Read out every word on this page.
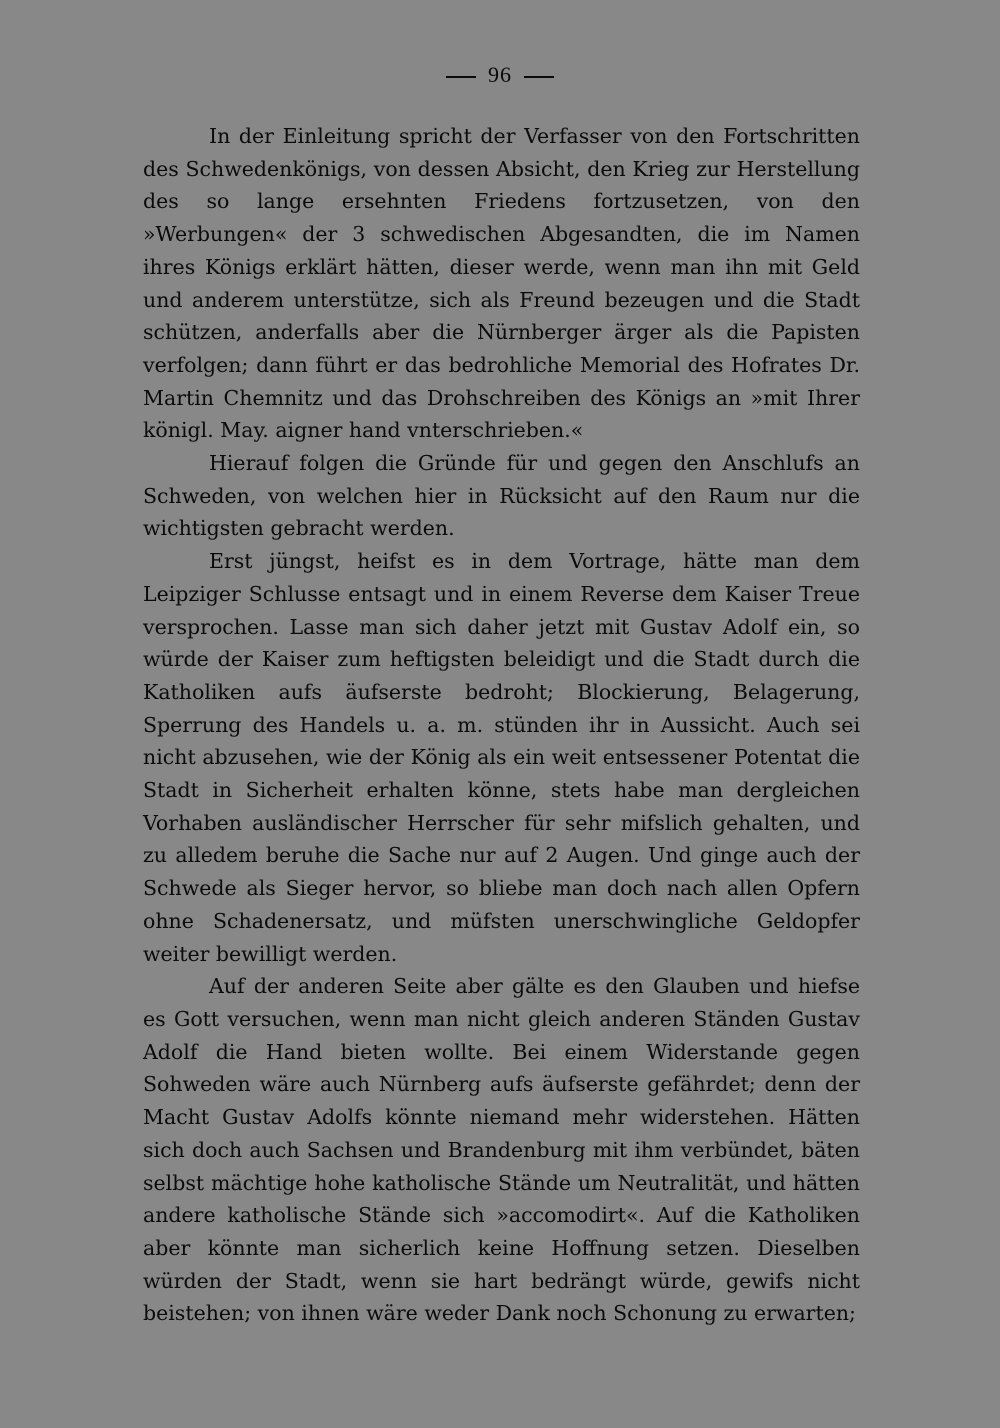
96

In der Einleitung spricht der Verfasser von den Fortschritten des Schwedenkönigs, von dessen Absicht, den Krieg zur Herstellung des so lange ersehnten Friedens fortzusetzen, von den »Werbungen« der 3 schwedischen Abgesandten, die im Namen ihres Königs erklärt hätten, dieser werde, wenn man ihn mit Geld und anderem unterstütze, sich als Freund bezeugen und die Stadt schützen, anderfalls aber die Nürnberger ärger als die Papisten verfolgen; dann führt er das bedrohliche Memorial des Hofrates Dr. Martin Chemnitz und das Drohschreiben des Königs an »mit Ihrer königl. May. aigner hand vnterschrieben.«

Hierauf folgen die Gründe für und gegen den Anschlufs an Schweden, von welchen hier in Rücksicht auf den Raum nur die wichtigsten gebracht werden.

Erst jüngst, heifst es in dem Vortrage, hätte man dem Leipziger Schlusse entsagt und in einem Reverse dem Kaiser Treue versprochen. Lasse man sich daher jetzt mit Gustav Adolf ein, so würde der Kaiser zum heftigsten beleidigt und die Stadt durch die Katholiken aufs äufserste bedroht; Blockierung, Belagerung, Sperrung des Handels u. a. m. stünden ihr in Aussicht. Auch sei nicht abzusehen, wie der König als ein weit entsessener Potentat die Stadt in Sicherheit erhalten könne, stets habe man dergleichen Vorhaben ausländischer Herrscher für sehr mifslich gehalten, und zu alledem beruhe die Sache nur auf 2 Augen. Und ginge auch der Schwede als Sieger hervor, so bliebe man doch nach allen Opfern ohne Schadenersatz, und müfsten unerschwingliche Geldopfer weiter bewilligt werden.

Auf der anderen Seite aber gälte es den Glauben und hiefse es Gott versuchen, wenn man nicht gleich anderen Ständen Gustav Adolf die Hand bieten wollte. Bei einem Widerstande gegen Sohweden wäre auch Nürnberg aufs äufserste gefährdet; denn der Macht Gustav Adolfs könnte niemand mehr widerstehen. Hätten sich doch auch Sachsen und Brandenburg mit ihm verbündet, bäten selbst mächtige hohe katholische Stände um Neutralität, und hätten andere katholische Stände sich »accomodirt«. Auf die Katholiken aber könnte man sicherlich keine Hoffnung setzen. Dieselben würden der Stadt, wenn sie hart bedrängt würde, gewifs nicht beistehen; von ihnen wäre weder Dank noch Schonung zu erwarten;
